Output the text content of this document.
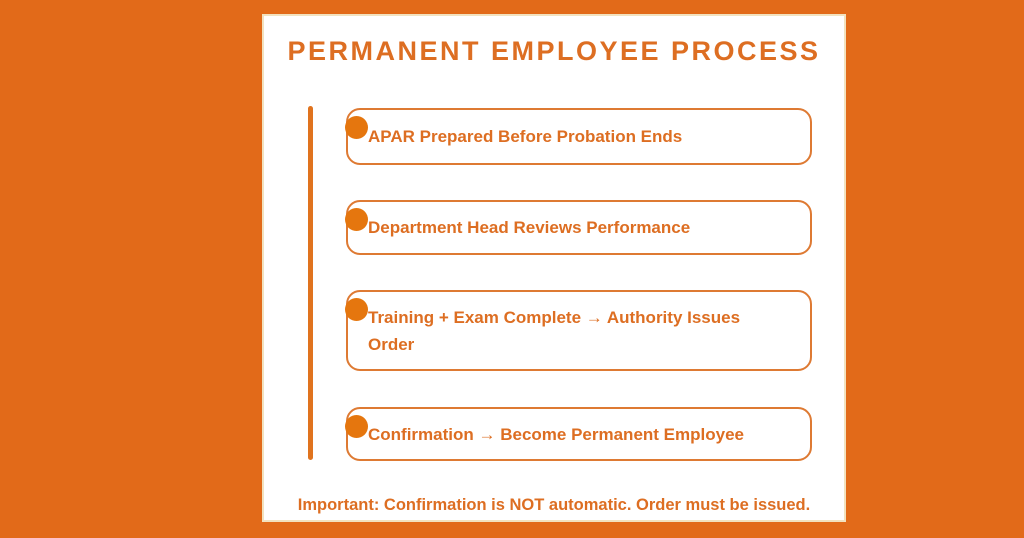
PERMANENT EMPLOYEE PROCESS
APAR Prepared Before Probation Ends
Department Head Reviews Performance
Training + Exam Complete → Authority Issues Order
Confirmation → Become Permanent Employee

Important: Confirmation is NOT automatic. Order must be issued.
